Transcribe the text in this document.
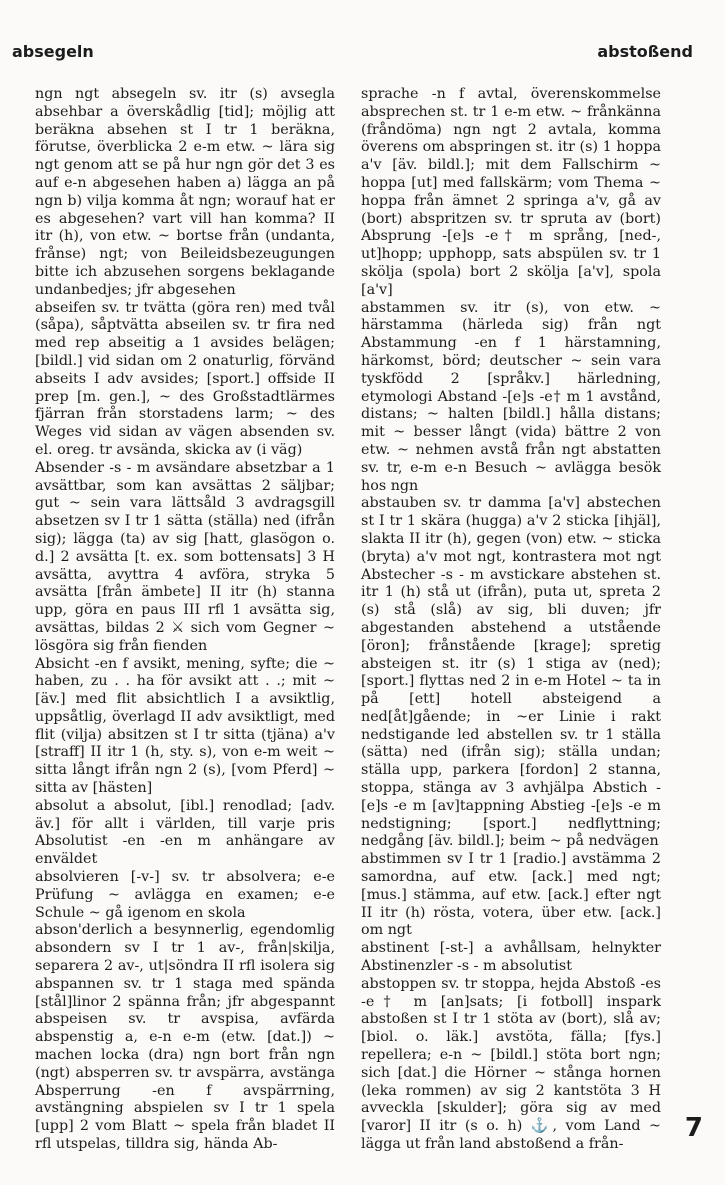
absegeln	abstoßend

ngn ngt absegeln sv. itr (s) avsegla absehbar a överskådlig [tid]; möjlig att beräkna absehen st I tr 1 beräkna, förutse, överblicka 2 e-m etw. ~ lära sig ngt genom att se på hur ngn gör det 3 es auf e-n abgesehen haben a) lägga an på ngn b) vilja komma åt ngn; worauf hat er es abgesehen? vart vill han komma? II itr (h), von etw. ~ bortse från (undanta, frånse) ngt; von Beileidsbezeugungen bitte ich abzusehen sorgens beklagande undanbedjes; jfr abgesehen

abseifen sv. tr tvätta (göra ren) med tvål (såpa), såptvätta abseilen sv. tr fira ned med rep abseitig a 1 avsides belägen; [bildl.] vid sidan om 2 onaturlig, förvänd abseits I adv avsides; [sport.] offside II prep [m. gen.], ~ des Großstadtlärmes fjärran från storstadens larm; ~ des Weges vid sidan av vägen absenden sv. el. oreg. tr avsända, skicka av (i väg)

Absender -s - m avsändare absetzbar a 1 avsättbar, som kan avsättas 2 säljbar; gut ~ sein vara lättsåld 3 avdragsgill absetzen sv I tr 1 sätta (ställa) ned (ifrån sig); lägga (ta) av sig [hatt, glasögon o. d.] 2 avsätta [t. ex. som bottensats] 3 H avsätta, avyttra 4 avföra, stryka 5 avsätta [från ämbete] II itr (h) stanna upp, göra en paus III rfl 1 avsätta sig, avsättas, bildas 2 ⚔ sich vom Gegner ~ lösgöra sig från fienden

Absicht -en f avsikt, mening, syfte; die ~ haben, zu . . ha för avsikt att . .; mit ~ [äv.] med flit absichtlich I a avsiktlig, uppsåtlig, överlagd II adv avsiktligt, med flit (vilja) absitzen st I tr sitta (tjäna) a'v [straff] II itr 1 (h, sty. s), von e-m weit ~ sitta långt ifrån ngn 2 (s), [vom Pferd] ~ sitta av [hästen]

absolut a absolut, [ibl.] renodlad; [adv. äv.] för allt i världen, till varje pris Absolutist -en -en m anhängare av enväldet

absolvieren [-v-] sv. tr absolvera; e-e Prüfung ~ avlägga en examen; e-e Schule ~ gå igenom en skola

abson'derlich a besynnerlig, egendomlig absondern sv I tr 1 av-, från|skilja, separera 2 av-, ut|söndra II rfl isolera sig abspannen sv. tr 1 staga med spända [stål]linor 2 spänna från; jfr abgespannt abspeisen sv. tr avspisa, avfärda abspenstig a, e-n e-m (etw. [dat.]) ~ machen locka (dra) ngn bort från ngn (ngt) absperren sv. tr avspärra, avstänga Absperrung -en f avspärrning, avstängning abspielen sv I tr 1 spela [upp] 2 vom Blatt ~ spela från bladet II rfl utspelas, tilldra sig, hända Ab-

sprache -n f avtal, överenskommelse absprechen st. tr 1 e-m etw. ~ frånkänna (fråndöma) ngn ngt 2 avtala, komma överens om abspringen st. itr (s) 1 hoppa a'v [äv. bildl.]; mit dem Fallschirm ~ hoppa [ut] med fallskärm; vom Thema ~ hoppa från ämnet 2 springa a'v, gå av (bort) abspritzen sv. tr spruta av (bort) Absprung -[e]s -e† m språng, [ned-, ut]hopp; upphopp, sats abspülen sv. tr 1 skölja (spola) bort 2 skölja [a'v], spola [a'v]

abstammen sv. itr (s), von etw. ~ härstamma (härleda sig) från ngt Abstammung -en f 1 härstamning, härkomst, börd; deutscher ~ sein vara tyskfödd 2 [språkv.] härledning, etymologi Abstand -[e]s -e† m 1 avstånd, distans; ~ halten [bildl.] hålla distans; mit ~ besser långt (vida) bättre 2 von etw. ~ nehmen avstå från ngt abstatten sv. tr, e-m e-n Besuch ~ avlägga besök hos ngn

abstauben sv. tr damma [a'v] abstechen st I tr 1 skära (hugga) a'v 2 sticka [ihjäl], slakta II itr (h), gegen (von) etw. ~ sticka (bryta) a'v mot ngt, kontrastera mot ngt Abstecher -s - m avstickare abstehen st. itr 1 (h) stå ut (ifrån), puta ut, spreta 2 (s) stå (slå) av sig, bli duven; jfr abgestanden abstehend a utstående [öron]; frånstående [krage]; spretig absteigen st. itr (s) 1 stiga av (ned); [sport.] flyttas ned 2 in e-m Hotel ~ ta in på [ett] hotell absteigend a ned[åt]gående; in ~er Linie i rakt nedstigande led abstellen sv. tr 1 ställa (sätta) ned (ifrån sig); ställa undan; ställa upp, parkera [fordon] 2 stanna, stoppa, stänga av 3 avhjälpa Abstich -[e]s -e m [av]tappning Abstieg -[e]s -e m nedstigning; [sport.] nedflyttning; nedgång [äv. bildl.]; beim ~ på nedvägen

abstimmen sv I tr 1 [radio.] avstämma 2 samordna, auf etw. [ack.] med ngt; [mus.] stämma, auf etw. [ack.] efter ngt II itr (h) rösta, votera, über etw. [ack.] om ngt

abstinent [-st-] a avhållsam, helnykter Abstinenzler -s - m absolutist

abstoppen sv. tr stoppa, hejda Abstoß -es -e† m [an]sats; [i fotboll] inspark abstoßen st I tr 1 stöta av (bort), slå av; [biol. o. läk.] avstöta, fälla; [fys.] repellera; e-n ~ [bildl.] stöta bort ngn; sich [dat.] die Hörner ~ stånga hornen (leka rommen) av sig 2 kantstöta 3 H avveckla [skulder]; göra sig av med [varor] II itr (s o. h) ⚓, vom Land ~ lägga ut från land abstoßend a från-

7
